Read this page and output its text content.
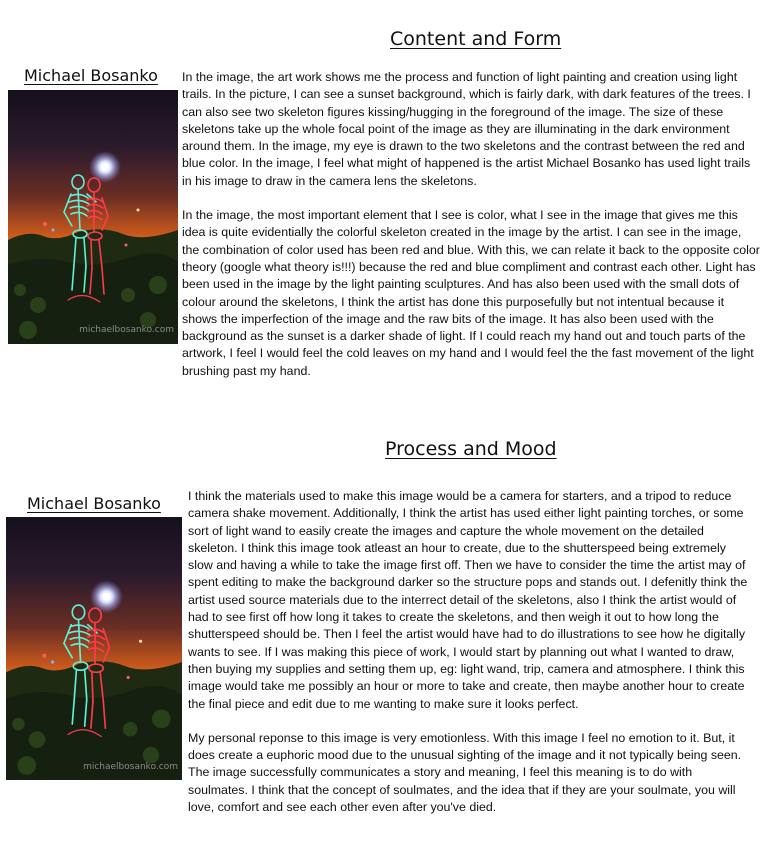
Content and Form
Michael Bosanko
michaelbosanko.com

In the image, the art work shows me the process and function of light painting and creation using light trails. In the picture, I can see a sunset background, which is fairly dark, with dark features of the trees. I can also see two skeleton figures kissing/hugging in the foreground of the image. The size of these skeletons take up the whole focal point of the image as they are illuminating in the dark environment around them. In the image, my eye is drawn to the two skeletons and the contrast between the red and blue color. In the image, I feel what might of happened is the artist Michael Bosanko has used light trails in his image to draw in the camera lens the skeletons.

In the image, the most important element that I see is color, what I see in the image that gives me this idea is quite evidentially the colorful skeleton created in the image by the artist. I can see in the image, the combination of color used has been red and blue. With this, we can relate it back to the opposite color theory (google what theory is!!!) because the red and blue compliment and contrast each other. Light has been used in the image by the light painting sculptures. And has also been used with the small dots of colour around the skeletons, I think the artist has done this purposefully but not intentual because it shows the imperfection of the image and the raw bits of the image. It has also been used with the background as the sunset is a darker shade of light. If I could reach my hand out and touch parts of the artwork, I feel I would feel the cold leaves on my hand and I would feel the the fast movement of the light brushing past my hand.

Process and Mood
Michael Bosanko
michaelbosanko.com

I think the materials used to make this image would be a camera for starters, and a tripod to reduce camera shake movement. Additionally, I think the artist has used either light painting torches, or some sort of light wand to easily create the images and capture the whole movement on the detailed skeleton. I think this image took atleast an hour to create, due to the shutterspeed being extremely slow and having a while to take the image first off. Then we have to consider the time the artist may of spent editing to make the background darker so the structure pops and stands out. I defenitly think the artist used source materials due to the interrect detail of the skeletons, also I think the artist would of had to see first off how long it takes to create the skeletons, and then weigh it out to how long the shutterspeed should be. Then I feel the artist would have had to do illustrations to see how he digitally wants to see. If I was making this piece of work, I would start by planning out what I wanted to draw, then buying my supplies and setting them up, eg: light wand, trip, camera and atmosphere. I think this image would take me possibly an hour or more to take and create, then maybe another hour to create the final piece and edit due to me wanting to make sure it looks perfect.

My personal reponse to this image is very emotionless. With this image I feel no emotion to it. But, it does create a euphoric mood due to the unusual sighting of the image and it not typically being seen. The image successfully communicates a story and meaning, I feel this meaning is to do with soulmates. I think that the concept of soulmates, and the idea that if they are your soulmate, you will love, comfort and see each other even after you've died.
